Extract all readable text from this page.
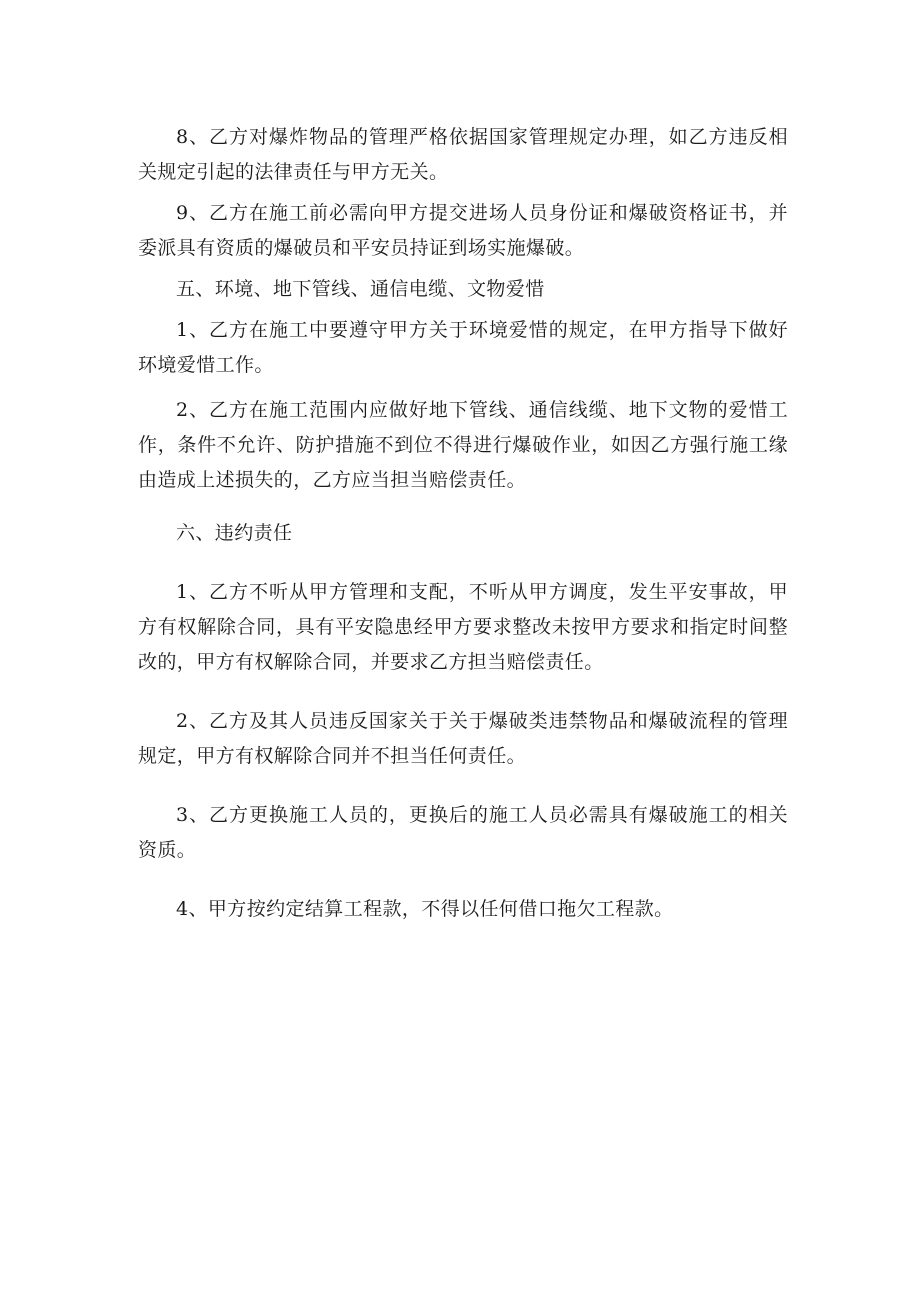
8、乙方对爆炸物品的管理严格依据国家管理规定办理，如乙方违反相关规定引起的法律责任与甲方无关。

9、乙方在施工前必需向甲方提交进场人员身份证和爆破资格证书，并委派具有资质的爆破员和平安员持证到场实施爆破。

五、环境、地下管线、通信电缆、文物爱惜

1、乙方在施工中要遵守甲方关于环境爱惜的规定，在甲方指导下做好环境爱惜工作。

2、乙方在施工范围内应做好地下管线、通信线缆、地下文物的爱惜工作，条件不允许、防护措施不到位不得进行爆破作业，如因乙方强行施工缘由造成上述损失的，乙方应当担当赔偿责任。

六、违约责任

1、乙方不听从甲方管理和支配，不听从甲方调度，发生平安事故，甲方有权解除合同，具有平安隐患经甲方要求整改未按甲方要求和指定时间整改的，甲方有权解除合同，并要求乙方担当赔偿责任。

2、乙方及其人员违反国家关于关于爆破类违禁物品和爆破流程的管理规定，甲方有权解除合同并不担当任何责任。

3、乙方更换施工人员的，更换后的施工人员必需具有爆破施工的相关资质。

4、甲方按约定结算工程款，不得以任何借口拖欠工程款。
